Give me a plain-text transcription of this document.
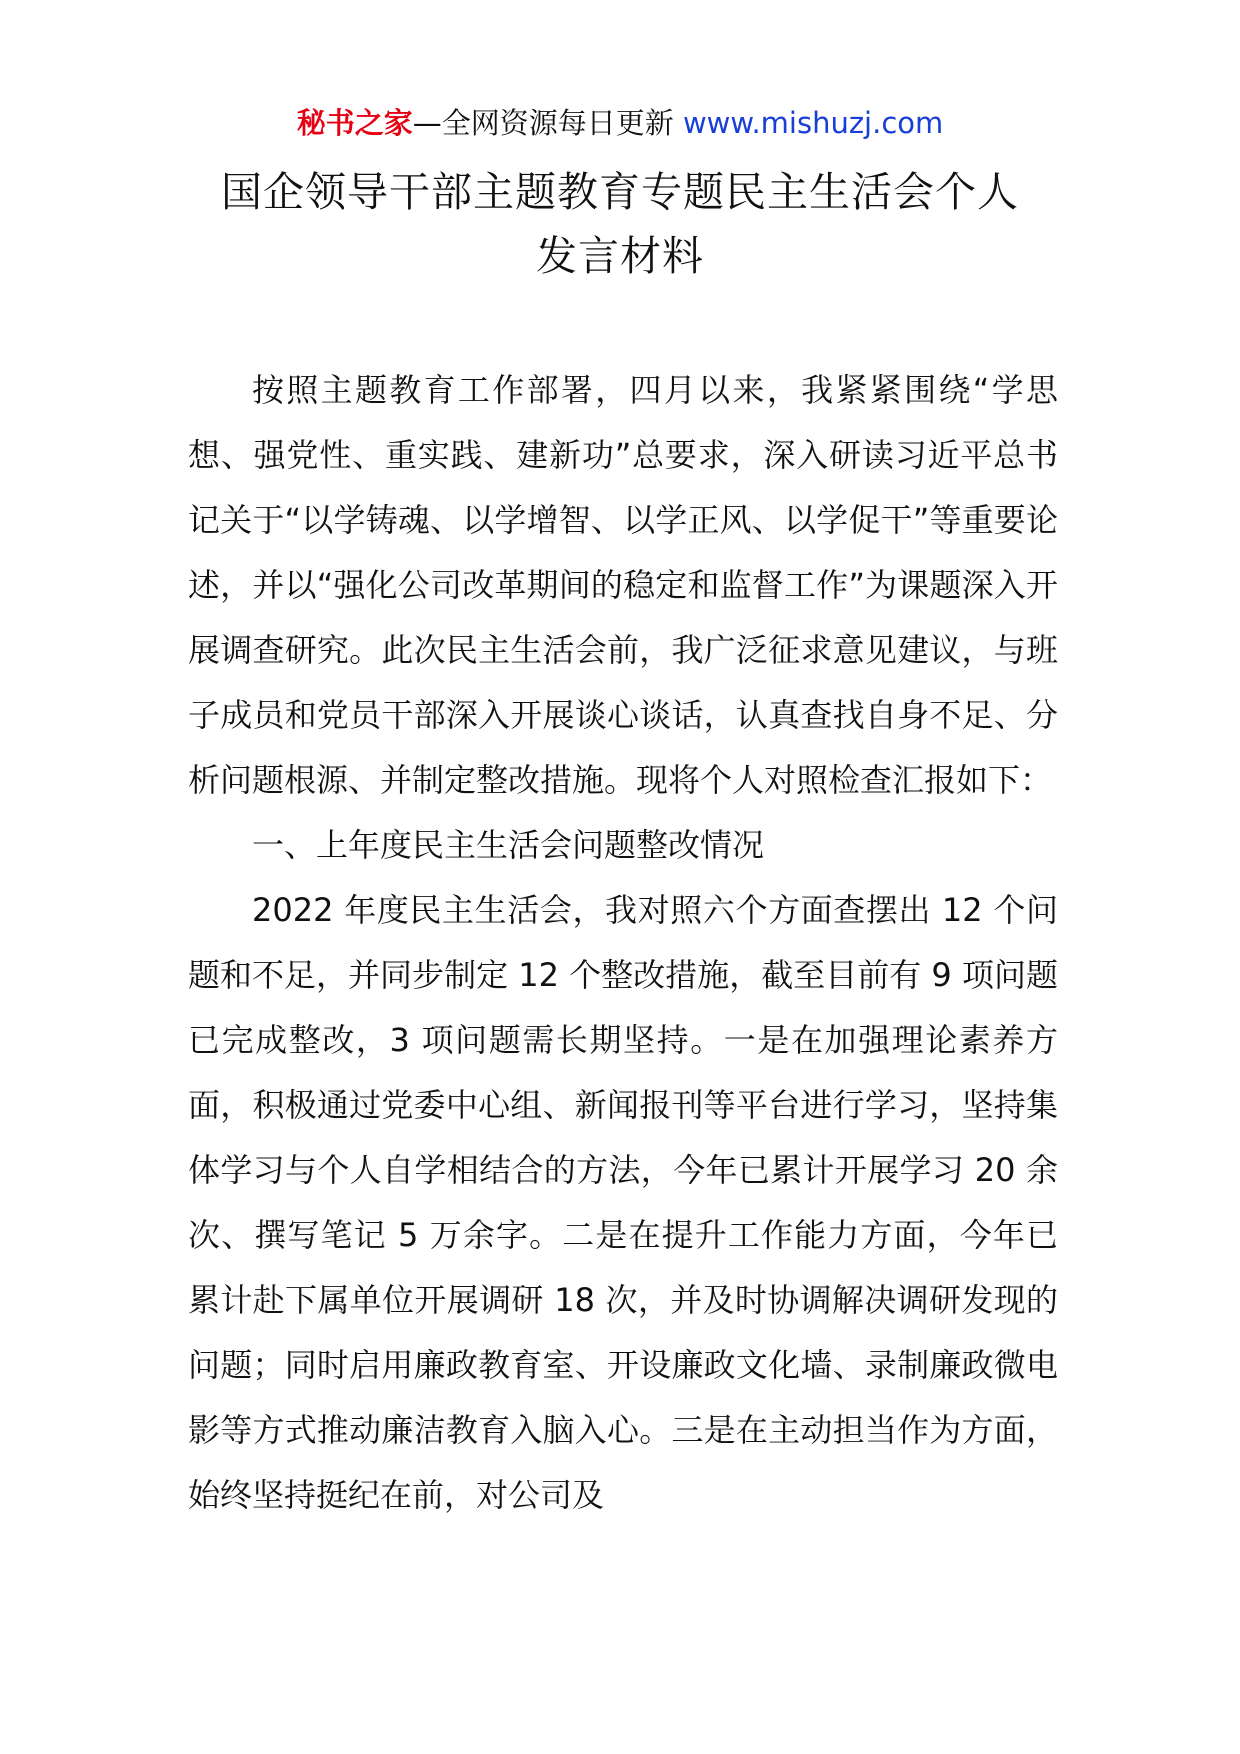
秘书之家—全网资源每日更新 www.mishuzj.com
国企领导干部主题教育专题民主生活会个人
发言材料

按照主题教育工作部署，四月以来，我紧紧围绕“学思想、强党性、重实践、建新功”总要求，深入研读习近平总书记关于“以学铸魂、以学增智、以学正风、以学促干”等重要论述，并以“强化公司改革期间的稳定和监督工作”为课题深入开展调查研究。此次民主生活会前，我广泛征求意见建议，与班子成员和党员干部深入开展谈心谈话，认真查找自身不足、分析问题根源、并制定整改措施。现将个人对照检查汇报如下：

一、上年度民主生活会问题整改情况

2022 年度民主生活会，我对照六个方面查摆出 12 个问题和不足，并同步制定 12 个整改措施，截至目前有 9 项问题已完成整改，3 项问题需长期坚持。一是在加强理论素养方面，积极通过党委中心组、新闻报刊等平台进行学习，坚持集体学习与个人自学相结合的方法，今年已累计开展学习 20 余次、撰写笔记 5 万余字。二是在提升工作能力方面，今年已累计赴下属单位开展调研 18 次，并及时协调解决调研发现的问题；同时启用廉政教育室、开设廉政文化墙、录制廉政微电影等方式推动廉洁教育入脑入心。三是在主动担当作为方面，始终坚持挺纪在前，对公司及
